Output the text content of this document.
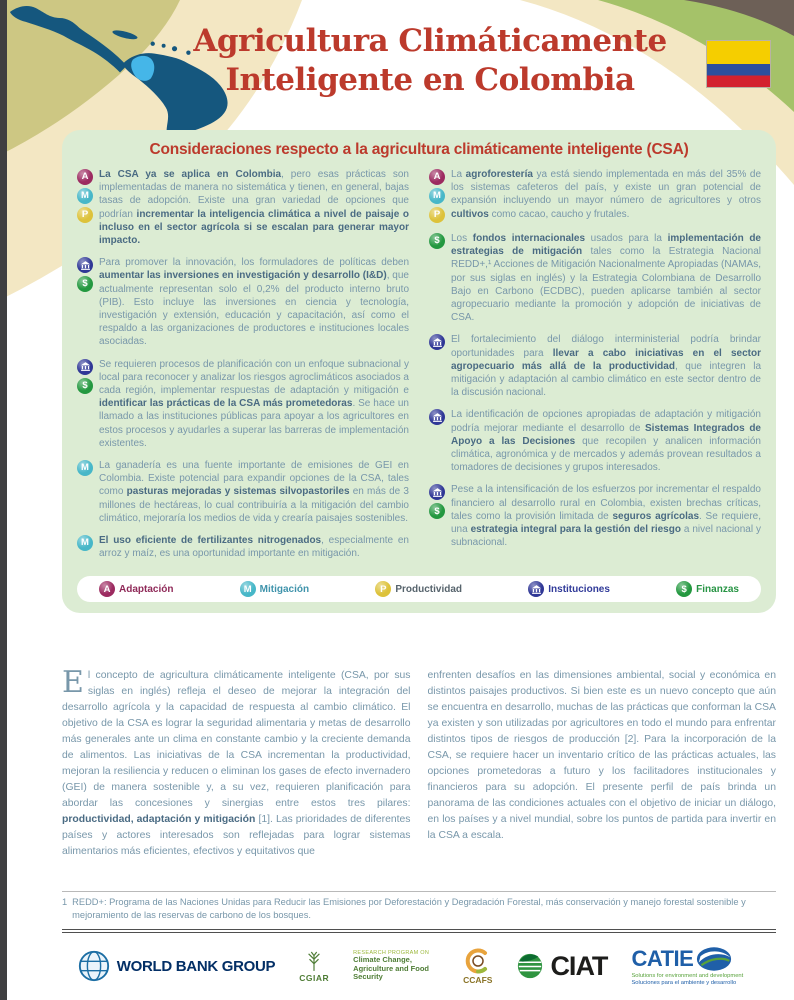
Agricultura Climáticamente
Inteligente en Colombia
Consideraciones respecto a la agricultura climáticamente inteligente (CSA)
A
M
P
La CSA ya se aplica en Colombia, pero esas prácticas son implementadas de manera no sistemática y tienen, en general, bajas tasas de adopción. Existe una gran variedad de opciones que podrían incrementar la inteligencia climática a nivel de paisaje o incluso en el sector agrícola si se escalan para generar mayor impacto.
$
Para promover la innovación, los formuladores de políticas deben aumentar las inversiones en investigación y desarrollo (I&D), que actualmente representan solo el 0,2% del producto interno bruto (PIB). Esto incluye las inversiones en ciencia y tecnología, investigación y extensión, educación y capacitación, así como el respaldo a las organizaciones de productores e instituciones locales asociadas.
$
Se requieren procesos de planificación con un enfoque subnacional y local para reconocer y analizar los riesgos agroclimáticos asociados a cada región, implementar respuestas de adaptación y mitigación e identificar las prácticas de la CSA más prometedoras. Se hace un llamado a las instituciones públicas para apoyar a los agricultores en estos procesos y ayudarles a superar las barreras de implementación existentes.
M	La ganadería es una fuente importante de emisiones de GEI en Colombia. Existe potencial para expandir opciones de la CSA, tales como pasturas mejoradas y sistemas silvopastoriles en más de 3 millones de hectáreas, lo cual contribuiría a la mitigación del cambio climático, mejoraría los medios de vida y crearía paisajes sostenibles.
M	El uso eficiente de fertilizantes nitrogenados, especialmente en arroz y maíz, es una oportunidad importante en mitigación.
A
M
P
La agroforestería ya está siendo implementada en más del 35% de los sistemas cafeteros del país, y existe un gran potencial de expansión incluyendo un mayor número de agricultores y otros cultivos como cacao, caucho y frutales.
$	Los fondos internacionales usados para la implementación de estrategias de mitigación tales como la Estrategia Nacional REDD+,¹ Acciones de Mitigación Nacionalmente Apropiadas (NAMAs, por sus siglas en inglés) y la Estrategia Colombiana de Desarrollo Bajo en Carbono (ECDBC), pueden aplicarse también al sector agropecuario mediante la promoción y adopción de iniciativas de CSA.
El fortalecimiento del diálogo interministerial podría brindar oportunidades para llevar a cabo iniciativas en el sector agropecuario más allá de la productividad, que integren la mitigación y adaptación al cambio climático en este sector dentro de la discusión nacional.
La identificación de opciones apropiadas de adaptación y mitigación podría mejorar mediante el desarrollo de Sistemas Integrados de Apoyo a las Decisiones que recopilen y analicen información climática, agronómica y de mercados y además provean resultados a tomadores de decisiones y grupos interesados.
$
Pese a la intensificación de los esfuerzos por incrementar el respaldo financiero al desarrollo rural en Colombia, existen brechas críticas, tales como la provisión limitada de seguros agrícolas. Se requiere, una estrategia integral para la gestión del riesgo a nivel nacional y subnacional.
A Adaptación	M Mitigación	P Productividad	Instituciones	$ Finanzas
El concepto de agricultura climáticamente inteligente (CSA, por sus siglas en inglés) refleja el deseo de mejorar la integración del desarrollo agrícola y la capacidad de respuesta al cambio climático. El objetivo de la CSA es lograr la seguridad alimentaria y metas de desarrollo más generales ante un clima en constante cambio y la creciente demanda de alimentos. Las iniciativas de la CSA incrementan la productividad, mejoran la resiliencia y reducen o eliminan los gases de efecto invernadero (GEI) de manera sostenible y, a su vez, requieren planificación para abordar las concesiones y sinergias entre estos tres pilares: productividad, adaptación y mitigación [1]. Las prioridades de diferentes países y actores interesados son reflejadas para lograr sistemas alimentarios más eficientes, efectivos y equitativos que
enfrenten desafíos en las dimensiones ambiental, social y económica en distintos paisajes productivos. Si bien este es un nuevo concepto que aún se encuentra en desarrollo, muchas de las prácticas que conforman la CSA ya existen y son utilizadas por agricultores en todo el mundo para enfrentar distintos tipos de riesgos de producción [2]. Para la incorporación de la CSA, se requiere hacer un inventario crítico de las prácticas actuales, las opciones prometedoras a futuro y los facilitadores institucionales y financieros para su adopción. El presente perfil de país brinda un panorama de las condiciones actuales con el objetivo de iniciar un diálogo, en los países y a nivel mundial, sobre los puntos de partida para invertir en la CSA a escala.
1 REDD+: Programa de las Naciones Unidas para Reducir las Emisiones por Deforestación y Degradación Forestal, más conservación y manejo forestal sostenible y mejoramiento de las reservas de carbono de los bosques.
WORLD BANK GROUP
CGIAR
RESEARCH PROGRAM ON
Climate Change, Agriculture and Food Security	CCAFS CIAT CATIE
Solutions for environment and development
Soluciones para el ambiente y desarrollo
